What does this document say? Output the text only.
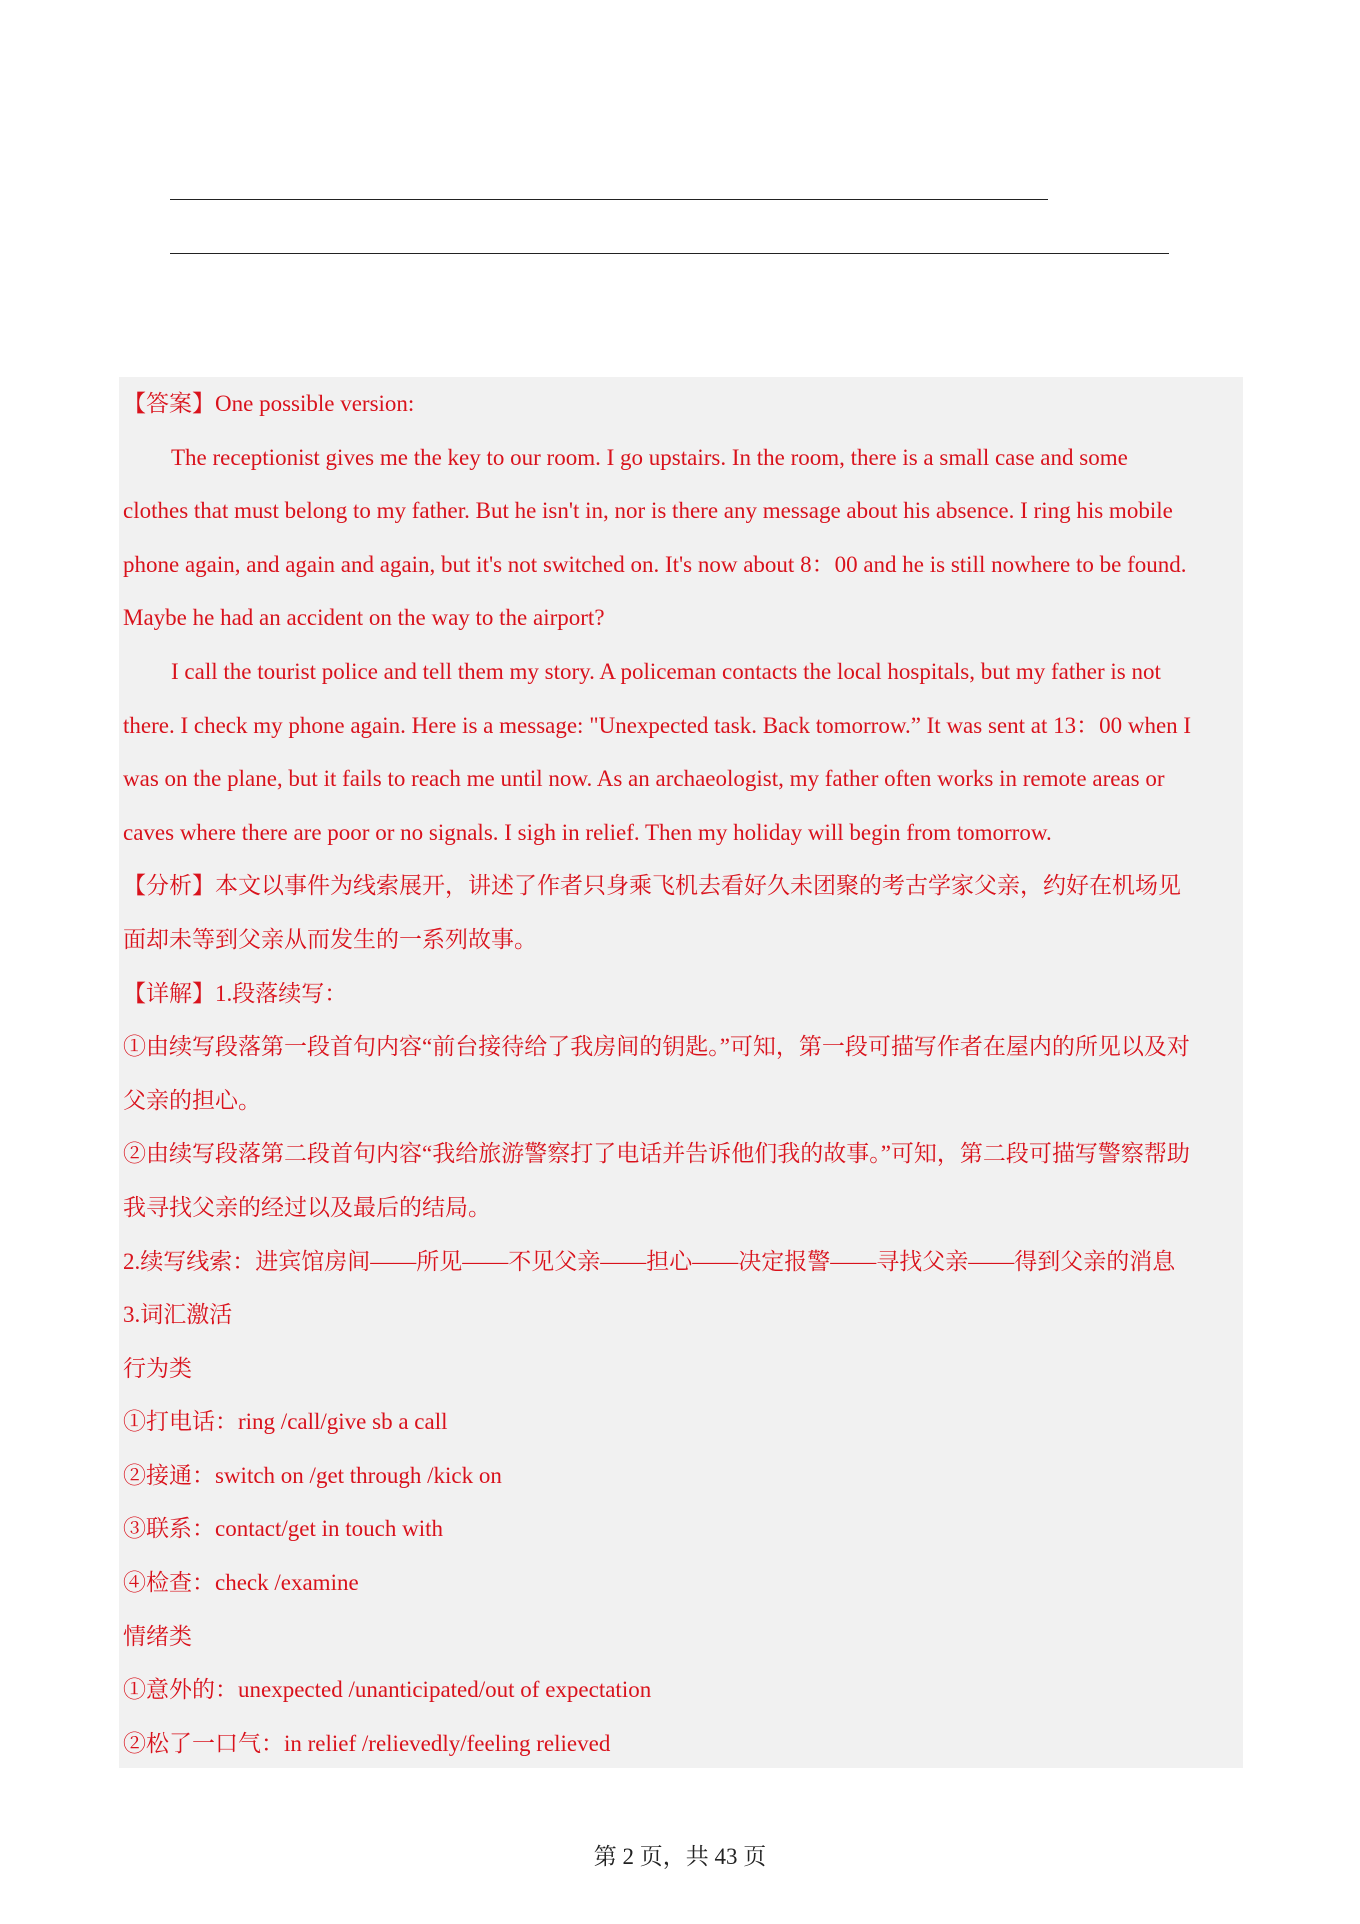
【答案】One possible version:

The receptionist gives me the key to our room. I go upstairs. In the room, there is a small case and some

clothes that must belong to my father. But he isn't in, nor is there any message about his absence. I ring his mobile

phone again, and again and again, but it's not switched on. It's now about 8：00 and he is still nowhere to be found.

Maybe he had an accident on the way to the airport?

I call the tourist police and tell them my story. A policeman contacts the local hospitals, but my father is not

there. I check my phone again. Here is a message: "Unexpected task. Back tomorrow.” It was sent at 13：00 when I

was on the plane, but it fails to reach me until now. As an archaeologist, my father often works in remote areas or

caves where there are poor or no signals. I sigh in relief. Then my holiday will begin from tomorrow.

【分析】本文以事件为线索展开，讲述了作者只身乘飞机去看好久未团聚的考古学家父亲，约好在机场见

面却未等到父亲从而发生的一系列故事。

【详解】1.段落续写：

①由续写段落第一段首句内容“前台接待给了我房间的钥匙。”可知，第一段可描写作者在屋内的所见以及对

父亲的担心。

②由续写段落第二段首句内容“我给旅游警察打了电话并告诉他们我的故事。”可知，第二段可描写警察帮助

我寻找父亲的经过以及最后的结局。

2.续写线索：进宾馆房间——所见——不见父亲——担心——决定报警——寻找父亲——得到父亲的消息

3.词汇激活

行为类

①打电话：ring /call/give sb a call

②接通：switch on /get through /kick on

③联系：contact/get in touch with

④检查：check /examine

情绪类

①意外的：unexpected /unanticipated/out of expectation

②松了一口气：in relief /relievedly/feeling relieved

第 2 页，共 43 页
